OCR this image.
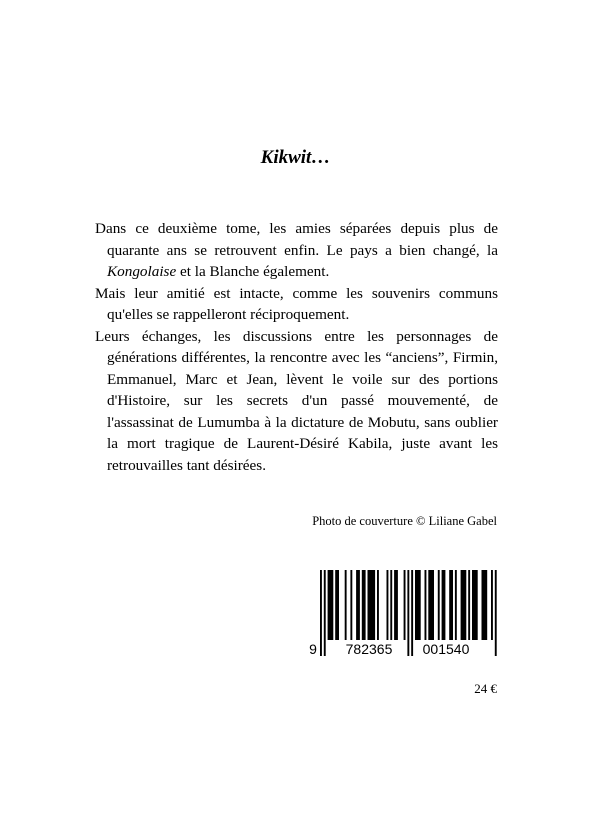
Kikwit…

Dans ce deuxième tome, les amies séparées depuis plus de quarante ans se retrouvent enfin. Le pays a bien changé, la Kongolaise et la Blanche également.

Mais leur amitié est intacte, comme les souvenirs communs qu'elles se rappelleront réciproquement.

Leurs échanges, les discussions entre les personnages de générations différentes, la rencontre avec les “anciens”, Firmin, Emmanuel, Marc et Jean, lèvent le voile sur des portions d'Histoire, sur les secrets d'un passé mouvementé, de l'assassinat de Lumumba à la dictature de Mobutu, sans oublier la mort tragique de Laurent-Désiré Kabila, juste avant les retrouvailles tant désirées.

Photo de couverture © Liliane Gabel
9 782365 001540
24 €
